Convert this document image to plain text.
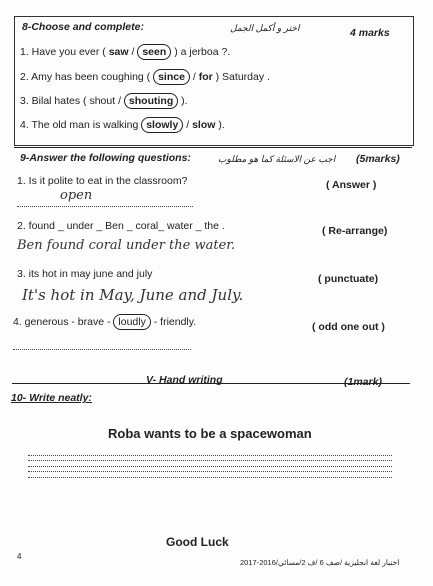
8-Choose and complete:	اختر و أكمل الجمل	4 marks
1. Have you ever ( saw / seen ) a jerboa ?.
2. Amy has been coughing ( since / for ) Saturday .
3. Bilal hates ( shout / shouting ).
4. The old man is walking slowly / slow ).
9-Answer the following questions:	اجب عن الاسئلة كما هو مطلوب (5marks)
1. Is it polite to eat in the classroom?	( Answer )
open
2. found _ under _ Ben _ coral_ water _ the .	( Re-arrange)
Ben found coral under the water.
3. its hot in may june and july	( punctuate)
It's hot in May, June and July.
4. generous - brave - loudly - friendly.	( odd one out )
V- Hand writing	(1mark)
10- Write neatly:
Roba wants to be a spacewoman
Good Luck
4
اختبار لغة انجليزية /صف 6 /ف 2/مسائي/2016-2017
